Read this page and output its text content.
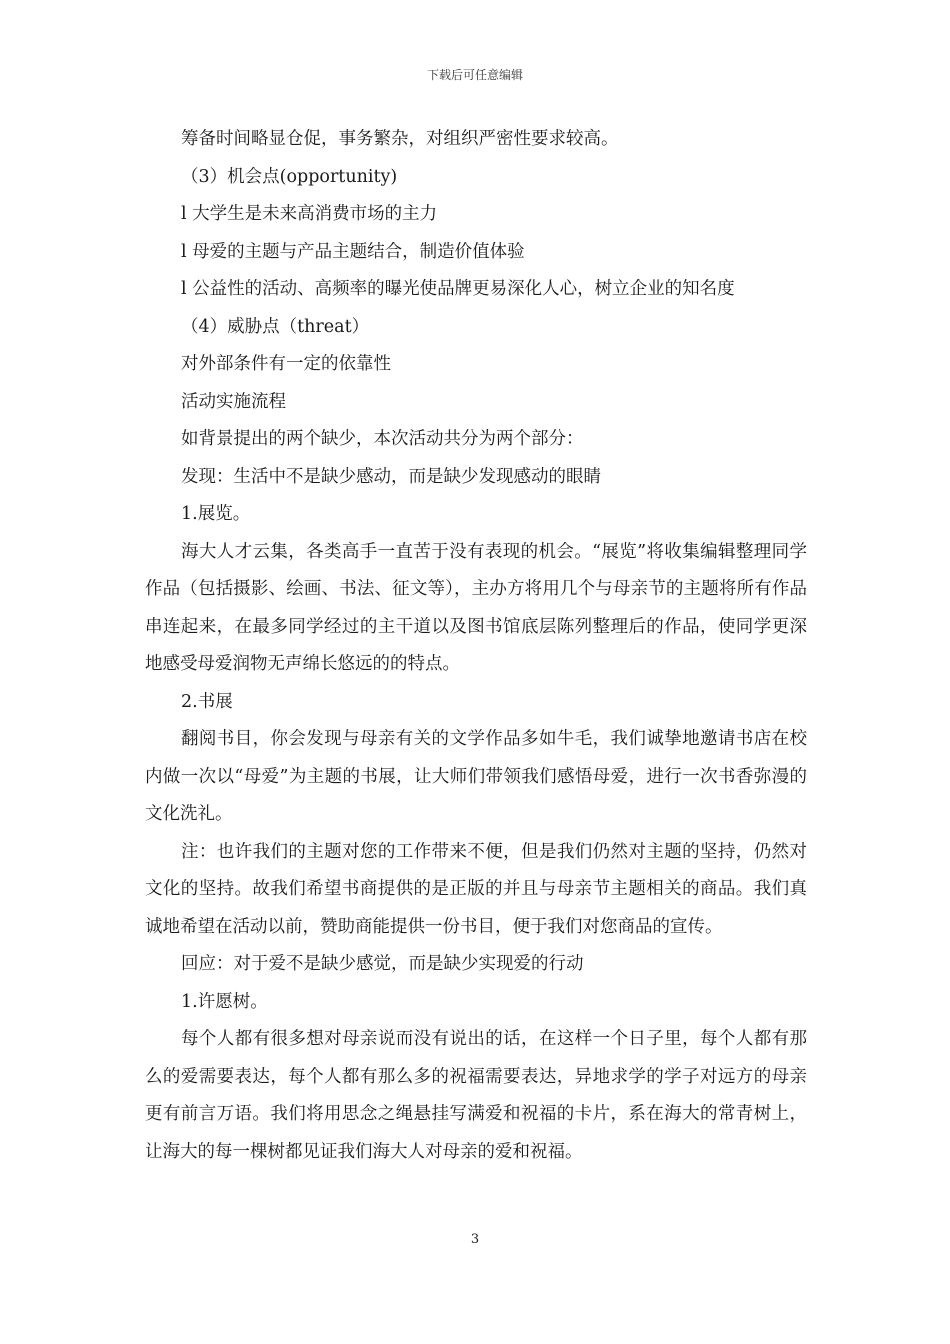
下载后可任意编辑

筹备时间略显仓促，事务繁杂，对组织严密性要求较高。

（3）机会点(opportunity)

l 大学生是未来高消费市场的主力

l 母爱的主题与产品主题结合，制造价值体验

l 公益性的活动、高频率的曝光使品牌更易深化人心，树立企业的知名度

（4）威胁点（threat）

对外部条件有一定的依靠性

活动实施流程

如背景提出的两个缺少，本次活动共分为两个部分：

发现：生活中不是缺少感动，而是缺少发现感动的眼睛

1.展览。

海大人才云集，各类高手一直苦于没有表现的机会。“展览”将收集编辑整理同学作品（包括摄影、绘画、书法、征文等），主办方将用几个与母亲节的主题将所有作品串连起来，在最多同学经过的主干道以及图书馆底层陈列整理后的作品，使同学更深地感受母爱润物无声绵长悠远的的特点。

2.书展

翻阅书目，你会发现与母亲有关的文学作品多如牛毛，我们诚挚地邀请书店在校内做一次以“母爱”为主题的书展，让大师们带领我们感悟母爱，进行一次书香弥漫的文化洗礼。

注：也许我们的主题对您的工作带来不便，但是我们仍然对主题的坚持，仍然对文化的坚持。故我们希望书商提供的是正版的并且与母亲节主题相关的商品。我们真诚地希望在活动以前，赞助商能提供一份书目，便于我们对您商品的宣传。

回应：对于爱不是缺少感觉，而是缺少实现爱的行动

1.许愿树。

每个人都有很多想对母亲说而没有说出的话，在这样一个日子里，每个人都有那么的爱需要表达，每个人都有那么多的祝福需要表达，异地求学的学子对远方的母亲更有前言万语。我们将用思念之绳悬挂写满爱和祝福的卡片，系在海大的常青树上，让海大的每一棵树都见证我们海大人对母亲的爱和祝福。

3
